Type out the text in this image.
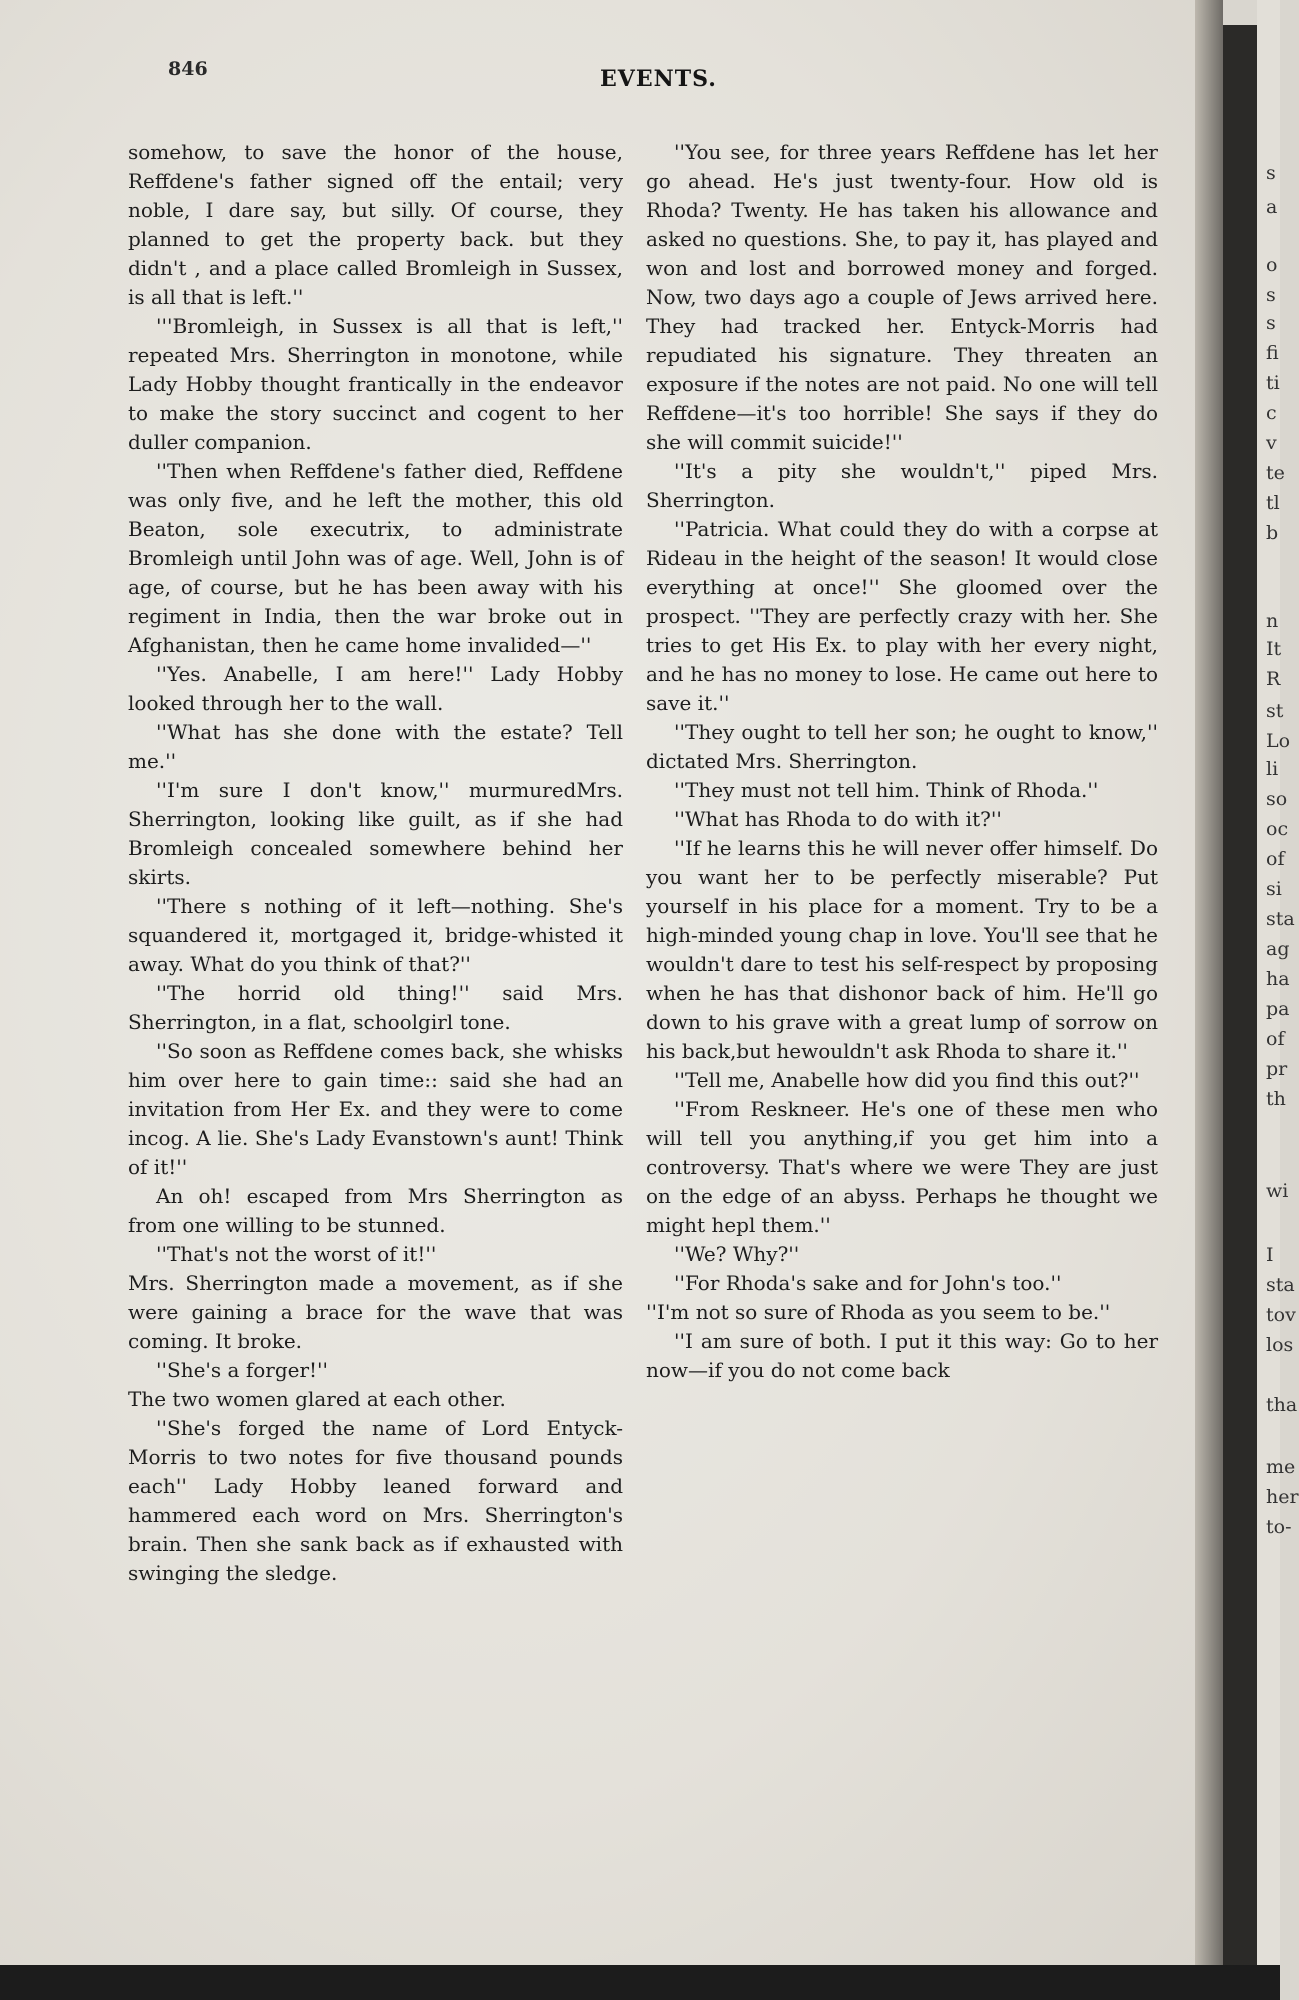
s
a
o
s
s
fi
ti
c
v
te
tl
b
n
It
R
st
Lo
li
so
oc
of
si
sta
ag
ha
pa
of
pr
th
wi
I
sta
tov
los
tha
me
her
to-
846	EVENTS.

somehow, to save the honor of the house, Reffdene's father signed off the entail; very noble, I dare say, but silly. Of course, they planned to get the property back. but they didn't , and a place called Bromleigh in Sussex, is all that is left.''

'''Bromleigh, in Sussex is all that is left,'' repeated Mrs. Sherrington in monotone, while Lady Hobby thought frantically in the endeavor to make the story succinct and cogent to her duller companion.

''Then when Reffdene's father died, Reffdene was only five, and he left the mother, this old Beaton, sole executrix, to administrate Bromleigh until John was of age. Well, John is of age, of course, but he has been away with his regiment in India, then the war broke out in Afghanistan, then he came home invalided—''

''Yes. Anabelle, I am here!'' Lady Hobby looked through her to the wall.

''What has she done with the estate? Tell me.''

''I'm sure I don't know,'' murmuredMrs. Sherrington, looking like guilt, as if she had Bromleigh concealed somewhere behind her skirts.

''There s nothing of it left—nothing. She's squandered it, mortgaged it, bridge-whisted it away. What do you think of that?''

''The horrid old thing!'' said Mrs. Sherrington, in a flat, schoolgirl tone.

''So soon as Reffdene comes back, she whisks him over here to gain time:: said she had an invitation from Her Ex. and they were to come incog. A lie. She's Lady Evanstown's aunt! Think of it!''

An oh! escaped from Mrs Sherrington as from one willing to be stunned.

''That's not the worst of it!''

Mrs. Sherrington made a movement, as if she were gaining a brace for the wave that was coming. It broke.

''She's a forger!''

The two women glared at each other.

''She's forged the name of Lord Entyck-Morris to two notes for five thousand pounds each'' Lady Hobby leaned forward and hammered each word on Mrs. Sherrington's brain. Then she sank back as if exhausted with swinging the sledge.

''You see, for three years Reffdene has let her go ahead. He's just twenty-four. How old is Rhoda? Twenty. He has taken his allowance and asked no questions. She, to pay it, has played and won and lost and borrowed money and forged. Now, two days ago a couple of Jews arrived here. They had tracked her. Entyck-Morris had repudiated his signature. They threaten an exposure if the notes are not paid. No one will tell Reffdene—it's too horrible! She says if they do she will commit suicide!''

''It's a pity she wouldn't,'' piped Mrs. Sherrington.

''Patricia. What could they do with a corpse at Rideau in the height of the season! It would close everything at once!'' She gloomed over the prospect. ''They are perfectly crazy with her. She tries to get His Ex. to play with her every night, and he has no money to lose. He came out here to save it.''

''They ought to tell her son; he ought to know,'' dictated Mrs. Sherrington.

''They must not tell him. Think of Rhoda.''

''What has Rhoda to do with it?''

''If he learns this he will never offer himself. Do you want her to be perfectly miserable? Put yourself in his place for a moment. Try to be a high-minded young chap in love. You'll see that he wouldn't dare to test his self-respect by proposing when he has that dishonor back of him. He'll go down to his grave with a great lump of sorrow on his back,but hewouldn't ask Rhoda to share it.''

''Tell me, Anabelle how did you find this out?''

''From Reskneer. He's one of these men who will tell you anything,if you get him into a controversy. That's where we were They are just on the edge of an abyss. Perhaps he thought we might hepl them.''

''We? Why?''

''For Rhoda's sake and for John's too.''

''I'm not so sure of Rhoda as you seem to be.''

''I am sure of both. I put it this way: Go to her now—if you do not come back
